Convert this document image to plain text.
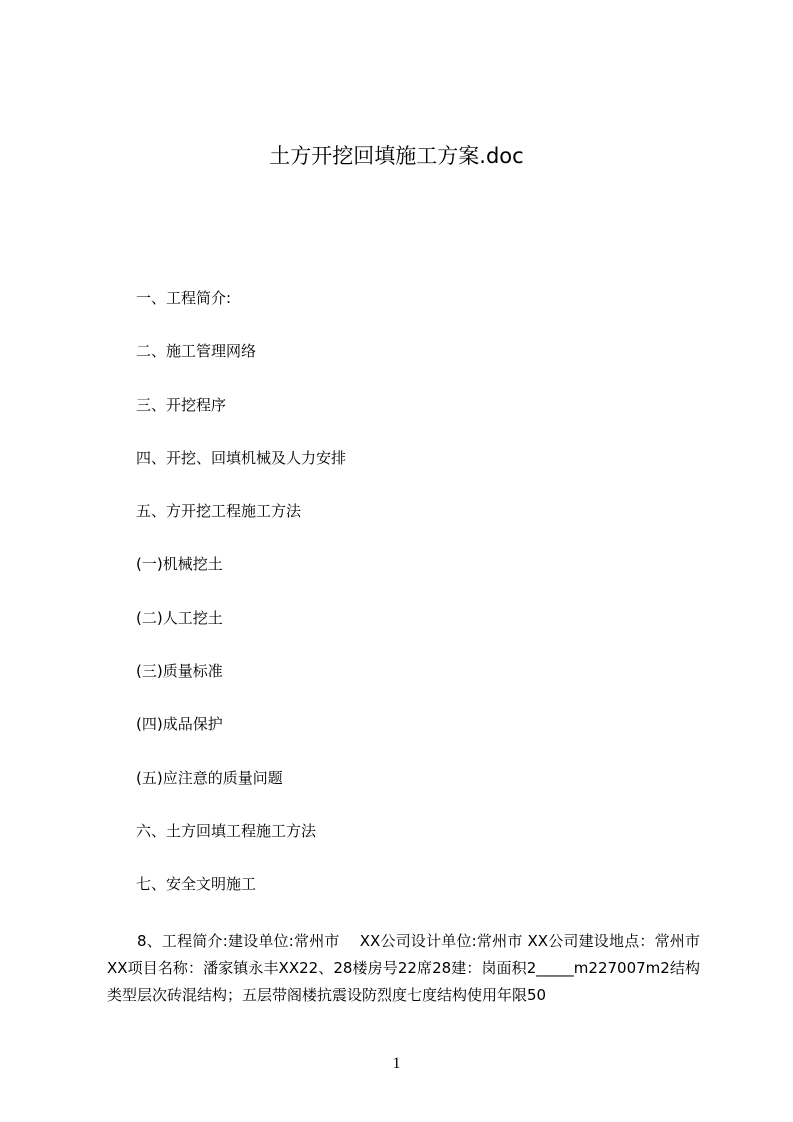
土方开挖回填施工方案.doc
一、工程简介:
二、施工管理网络
三、开挖程序
四、开挖、回填机械及人力安排
五、方开挖工程施工方法
(一)机械挖土
(二)人工挖土
(三)质量标准
(四)成品保护
(五)应注意的质量问题
六、土方回填工程施工方法
七、安全文明施工

8、工程简介:建设单位:常州市　 XX公司设计单位:常州市 XX公司建设地点：常州市XX项目名称：潘家镇永丰XX22、28楼房号22席28建：岗面积2_____m227007m2结构类型层次砖混结构；五层带阁楼抗震设防烈度七度结构使用年限50

1
